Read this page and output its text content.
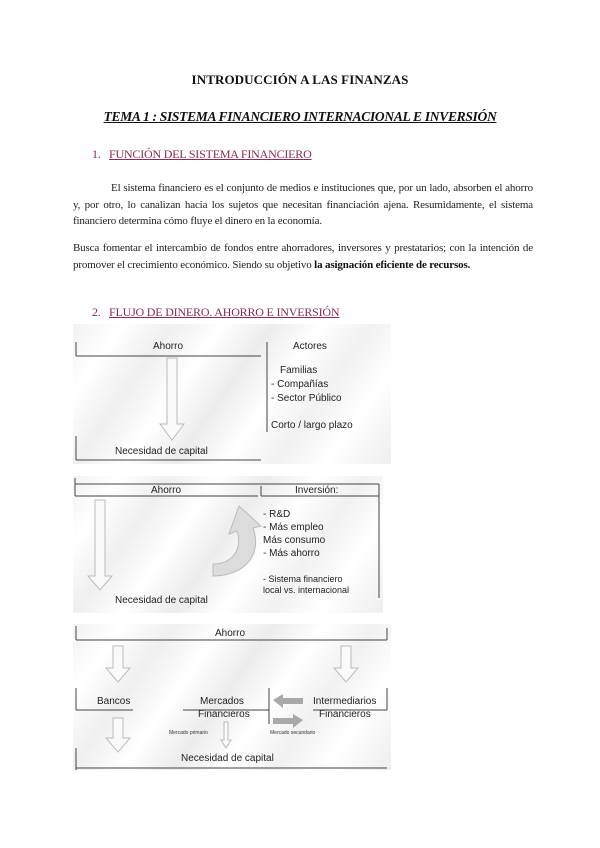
INTRODUCCIÓN A LAS FINANZAS
TEMA 1 : SISTEMA FINANCIERO INTERNACIONAL E INVERSIÓN
1. FUNCIÓN DEL SISTEMA FINANCIERO
El sistema financiero es el conjunto de medios e instituciones que, por un lado, absorben el ahorro y, por otro, lo canalizan hacia los sujetos que necesitan financiación ajena. Resumidamente, el sistema financiero determina cómo fluye el dinero en la economía.
Busca fomentar el intercambio de fondos entre ahorradores, inversores y prestatarios; con la intención de promover el crecimiento económico. Siendo su objetivo la asignación eficiente de recursos.
2. FLUJO DE DINERO. AHORRO E INVERSIÓN
Ahorro	Actores
Familias
- Compañías
- Sector Público
Corto / largo plazo
Necesidad de capital
Ahorro	Inversión:
- R&D
- Más empleo
Más consumo
- Más ahorro
- Sistema financiero
local vs. internacional
Necesidad de capital
Ahorro
Bancos	Mercados
Financieros
Intermediarios
Financieros
Mercado primario	Mercado secundario
Necesidad de capital
